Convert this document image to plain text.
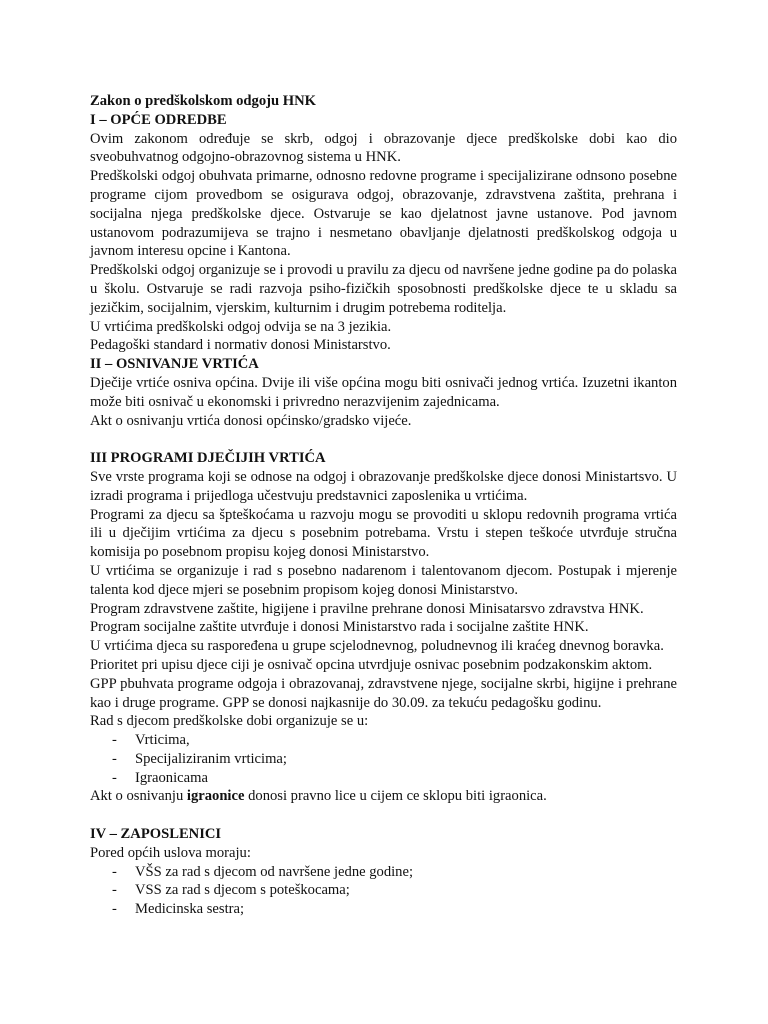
Zakon o predškolskom odgoju HNK

I – OPĆE ODREDBE

Ovim zakonom određuje se skrb, odgoj i obrazovanje djece predškolske dobi kao dio sveobuhvatnog odgojno-obrazovnog sistema u HNK.

Predškolski odgoj obuhvata primarne, odnosno redovne programe i specijalizirane odnsono posebne programe cijom provedbom se osigurava odgoj, obrazovanje, zdravstvena zaštita, prehrana i socijalna njega predškolske djece. Ostvaruje se kao djelatnost javne ustanove. Pod javnom ustanovom podrazumijeva se trajno i nesmetano obavljanje djelatnosti predškolskog odgoja u javnom interesu opcine i Kantona.

Predškolski odgoj organizuje se i provodi u pravilu za djecu od navršene jedne godine pa do polaska u školu. Ostvaruje se radi razvoja psiho-fizičkih sposobnosti predškolske djece te u skladu sa jezičkim, socijalnim, vjerskim, kulturnim i drugim potrebema roditelja.

U vrtićima predškolski odgoj odvija se na 3 jezikia.

Pedagoški standard i normativ donosi Ministarstvo.

II – OSNIVANJE VRTIĆA

Dječije vrtiće osniva općina. Dvije ili više općina mogu biti osnivači jednog vrtića. Izuzetni ikanton može biti osnivač u ekonomski i privredno nerazvijenim zajednicama.

Akt o osnivanju vrtića donosi općinsko/gradsko vijeće.

III PROGRAMI DJEČIJIH VRTIĆA

Sve vrste programa koji se odnose na odgoj i obrazovanje predškolske djece donosi Ministartsvo. U izradi programa i prijedloga učestvuju predstavnici zaposlenika u vrtićima.

Programi za djecu sa špteškoćama u razvoju mogu se provoditi u sklopu redovnih programa vrtića ili u dječijim vrtićima za djecu s posebnim potrebama. Vrstu i stepen teškoće utvrđuje stručna komisija po posebnom propisu kojeg donosi Ministarstvo.

U vrtićima se organizuje i rad s posebno nadarenom i talentovanom djecom. Postupak i mjerenje talenta kod djece mjeri se posebnim propisom kojeg donosi Ministarstvo.

Program zdravstvene zaštite, higijene i pravilne prehrane donosi Minisatarsvo zdravstva HNK.

Program socijalne zaštite utvrđuje i donosi Ministarstvo rada i socijalne zaštite HNK.

U vrtićima djeca su raspoređena u grupe scjelodnevnog, poludnevnog ili kraćeg dnevnog boravka.

Prioritet pri upisu djece ciji je osnivač opcina utvrdjuje osnivac posebnim podzakonskim aktom.

GPP pbuhvata programe odgoja i obrazovanaj, zdravstvene njege, socijalne skrbi, higijne i prehrane kao i druge programe. GPP se donosi najkasnije do 30.09. za tekuću pedagošku godinu.

Rad s djecom predškolske dobi organizuje se u:

- Vrticima,
- Specijaliziranim vrticima;
- Igraonicama

Akt o osnivanju igraonice donosi pravno lice u cijem ce sklopu biti igraonica.

IV – ZAPOSLENICI

Pored općih uslova moraju:

- VŠS za rad s djecom od navršene jedne godine;
- VSS za rad s djecom s poteškocama;
- Medicinska sestra;
